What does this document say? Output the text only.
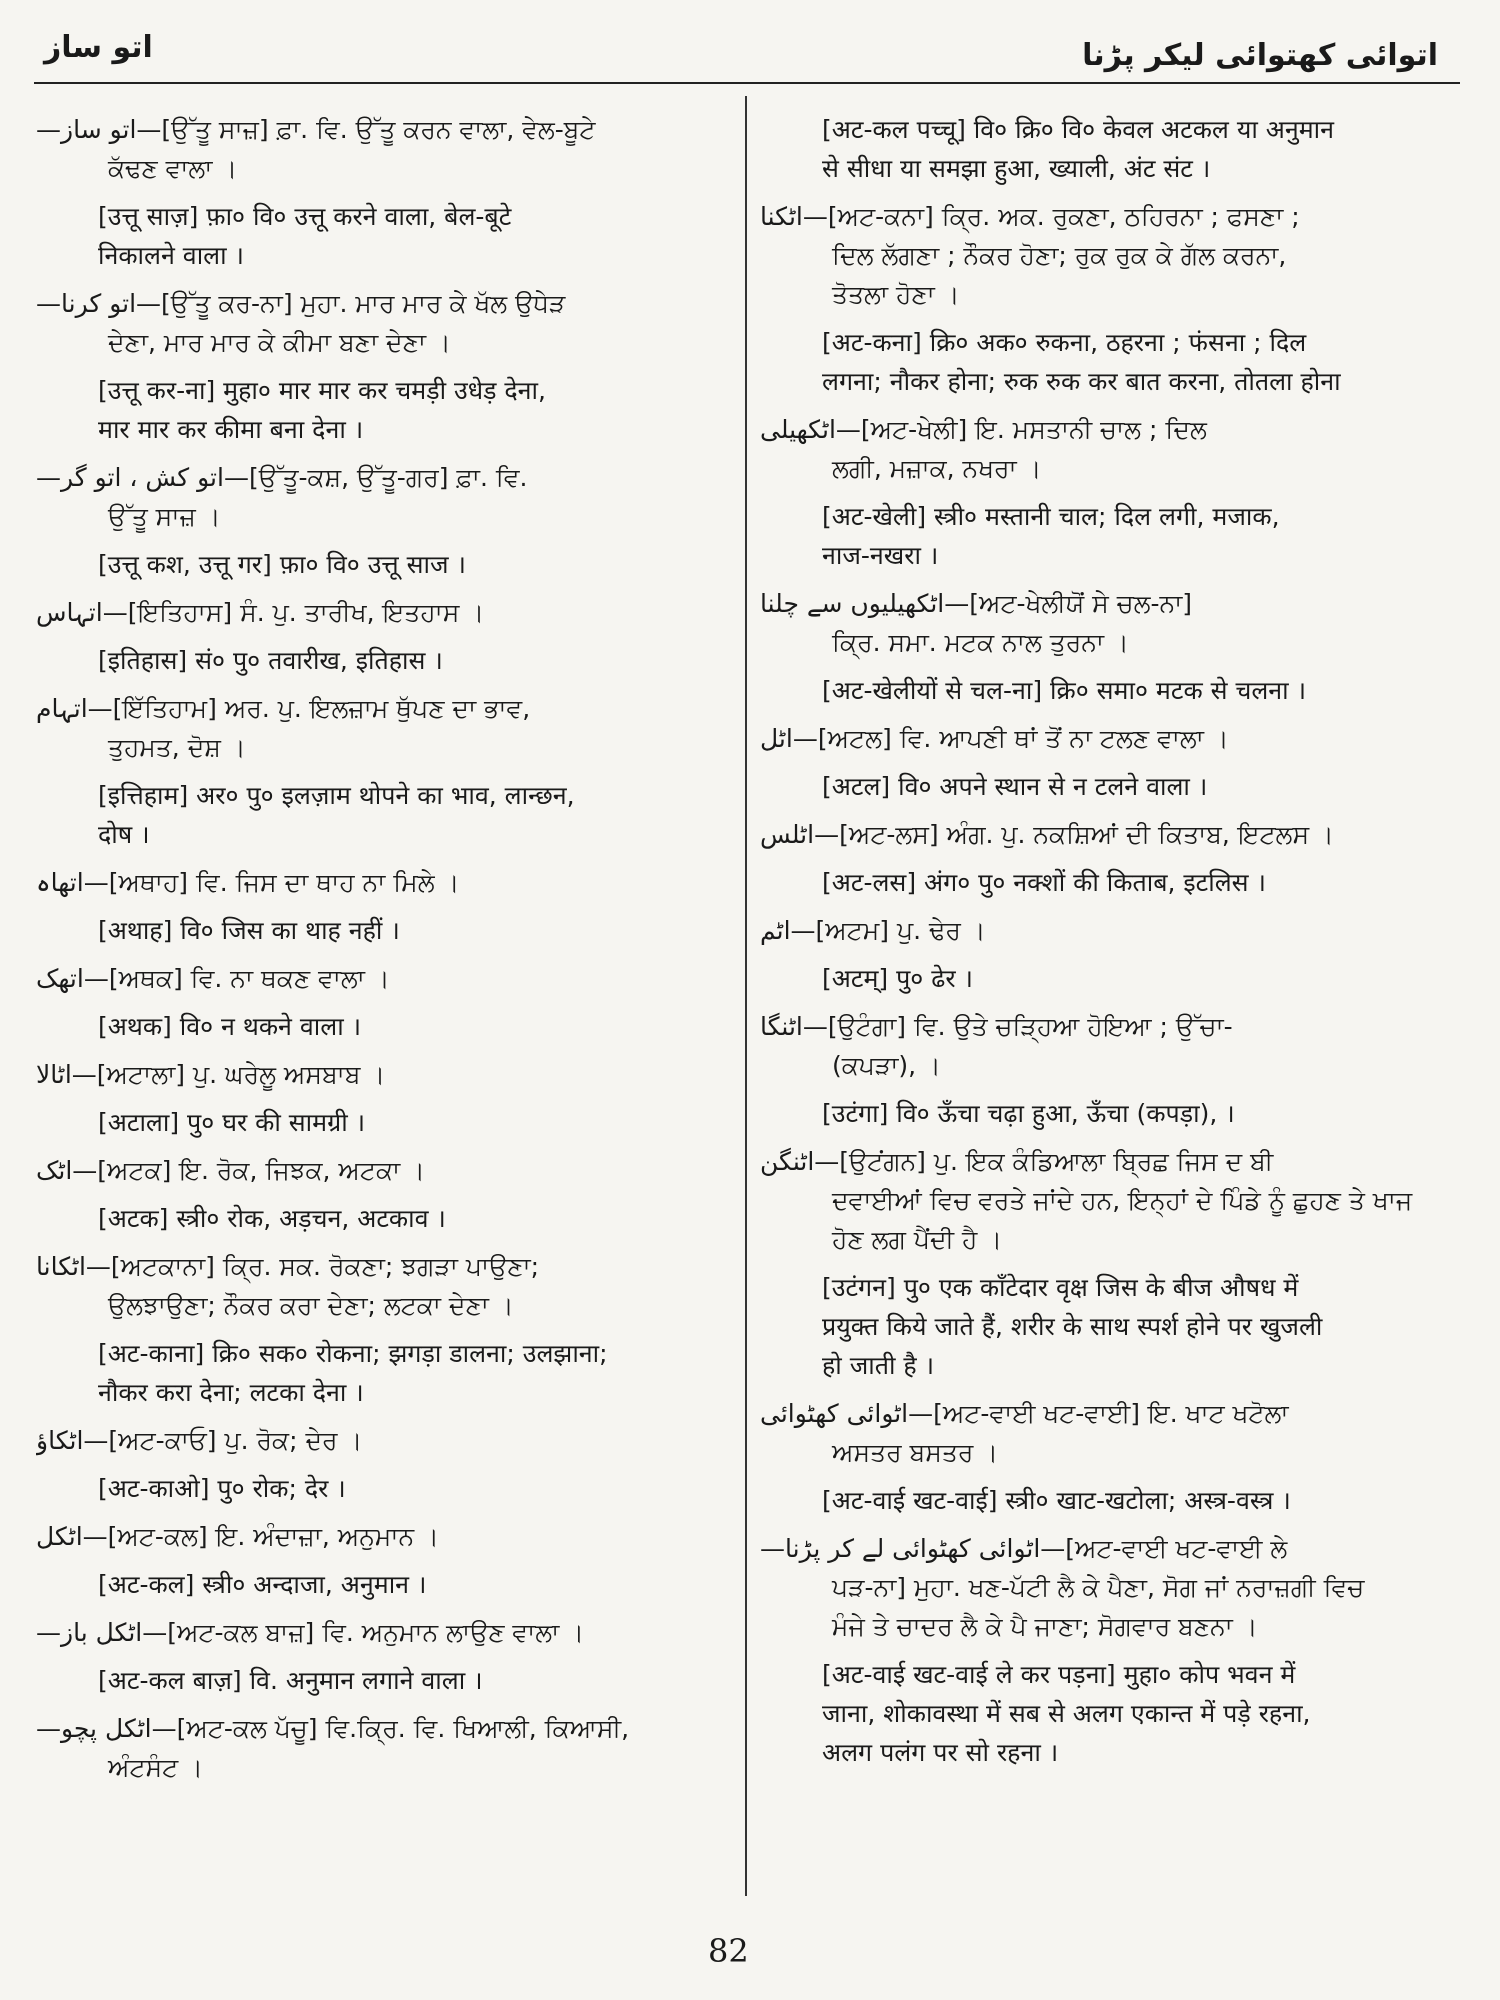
اتو ساز	اتوائی کھتوائی لیکر پڑنا
—اتو ساز—[ਉੱਤੂ ਸਾਜ਼] ਫ਼ਾ. ਵਿ. ਉੱਤੂ ਕਰਨ ਵਾਲਾ, ਵੇਲ-ਬੂਟੇ
ਕੱਢਣ ਵਾਲਾ ।
[उत्तू साज़] फ़ा० वि० उत्तू करने वाला, बेल-बूटे
निकालने वाला ।
—اتو کرنا—[ਉੱਤੂ ਕਰ-ਨਾ] ਮੁਹਾ. ਮਾਰ ਮਾਰ ਕੇ ਖੱਲ ਉਧੇੜ
ਦੇਣਾ, ਮਾਰ ਮਾਰ ਕੇ ਕੀਮਾ ਬਣਾ ਦੇਣਾ ।
[उत्तू कर-ना] मुहा० मार मार कर चमड़ी उधेड़ देना,
मार मार कर कीमा बना देना ।
—اتو کش ، اتو گر—[ਉੱਤੂ-ਕਸ਼, ਉੱਤੂ-ਗਰ] ਫ਼ਾ. ਵਿ.
ਉੱਤੂ ਸਾਜ਼ ।
[उत्तू कश, उत्तू गर] फ़ा० वि० उत्तू साज ।
اتہاس—[ਇਤਿਹਾਸ] ਸੰ. ਪੁ. ਤਾਰੀਖ, ਇਤਹਾਸ ।
[इतिहास] सं० पु० तवारीख, इतिहास ।
اتہام—[ਇੱਤਿਹਾਮ] ਅਰ. ਪੁ. ਇਲਜ਼ਾਮ ਥੁੱਪਣ ਦਾ ਭਾਵ,
ਤੁਹਮਤ, ਦੋਸ਼ ।
[इत्तिहाम] अर० पु० इलज़ाम थोपने का भाव, लान्छन,
दोष ।
اتھاہ—[ਅਥਾਹ] ਵਿ. ਜਿਸ ਦਾ ਥਾਹ ਨਾ ਮਿਲੇ ।
[अथाह] वि० जिस का थाह नहीं ।
اتھک—[ਅਥਕ] ਵਿ. ਨਾ ਥਕਣ ਵਾਲਾ ।
[अथक] वि० न थकने वाला ।
اٹالا—[ਅਟਾਲਾ] ਪੁ. ਘਰੇਲੂ ਅਸਬਾਬ ।
[अटाला] पु० घर की सामग्री ।
اٹک—[ਅਟਕ] ਇ. ਰੋਕ, ਜਿਝਕ, ਅਟਕਾ ।
[अटक] स्त्री० रोक, अड़चन, अटकाव ।
اٹکانا—[ਅਟਕਾਨਾ] ਕ੍ਰਿ. ਸਕ. ਰੋਕਣਾ; ਝਗੜਾ ਪਾਉਣਾ;
ਉਲਝਾਉਣਾ; ਨੌਕਰ ਕਰਾ ਦੇਣਾ; ਲਟਕਾ ਦੇਣਾ ।
[अट-काना] क्रि० सक० रोकना; झगड़ा डालना; उलझाना;
नौकर करा देना; लटका देना ।
اٹکاؤ—[ਅਟ-ਕਾਓ] ਪੁ. ਰੋਕ; ਦੇਰ ।
[अट-काओ] पु० रोक; देर ।
اٹکل—[ਅਟ-ਕਲ] ਇ. ਅੰਦਾਜ਼ਾ, ਅਨੁਮਾਨ ।
[अट-कल] स्त्री० अन्दाजा, अनुमान ।
—اٹکل باز—[ਅਟ-ਕਲ ਬਾਜ਼] ਵਿ. ਅਨੁਮਾਨ ਲਾਉਣ ਵਾਲਾ ।
[अट-कल बाज़] वि. अनुमान लगाने वाला ।
—اٹکل پچو—[ਅਟ-ਕਲ ਪੱਚੂ] ਵਿ.ਕ੍ਰਿ. ਵਿ. ਖਿਆਲੀ, ਕਿਆਸੀ,
ਅੰਟਸੰਟ ।
[अट-कल पच्चू] वि० क्रि० वि० केवल अटकल या अनुमान
से सीधा या समझा हुआ, ख्याली, अंट संट ।
اٹکنا—[ਅਟ-ਕਨਾ] ਕ੍ਰਿ. ਅਕ. ਰੁਕਣਾ, ਠਹਿਰਨਾ ; ਫਸਣਾ ;
ਦਿਲ ਲੱਗਣਾ ; ਨੌਕਰ ਹੋਣਾ; ਰੁਕ ਰੁਕ ਕੇ ਗੱਲ ਕਰਨਾ,
ਤੋਤਲਾ ਹੋਣਾ ।
[अट-कना] क्रि० अक० रुकना, ठहरना ; फंसना ; दिल
लगना; नौकर होना; रुक रुक कर बात करना, तोतला होना
اٹکھیلی—[ਅਟ-ਖੇਲੀ] ਇ. ਮਸਤਾਨੀ ਚਾਲ ; ਦਿਲ
ਲਗੀ, ਮਜ਼ਾਕ, ਨਖਰਾ ।
[अट-खेली] स्त्री० मस्तानी चाल; दिल लगी, मजाक,
नाज-नखरा ।
اٹکھیلیوں سے چلنا—[ਅਟ-ਖੇਲੀਯੋਂ ਸੇ ਚਲ-ਨਾ]
ਕ੍ਰਿ. ਸਮਾ. ਮਟਕ ਨਾਲ ਤੁਰਨਾ ।
[अट-खेलीयों से चल-ना] क्रि० समा० मटक से चलना ।
اٹل—[ਅਟਲ] ਵਿ. ਆਪਣੀ ਥਾਂ ਤੋਂ ਨਾ ਟਲਣ ਵਾਲਾ ।
[अटल] वि० अपने स्थान से न टलने वाला ।
اٹلس—[ਅਟ-ਲਸ] ਅੰਗ. ਪੁ. ਨਕਸ਼ਿਆਂ ਦੀ ਕਿਤਾਬ, ਇਟਲਸ ।
[अट-लस] अंग० पु० नक्शों की किताब, इटलिस ।
اٹم—[ਅਟਮ] ਪੁ. ਢੇਰ ।
[अटम्] पु० ढेर ।
اٹنگا—[ਉਟੰਗਾ] ਵਿ. ਉਤੇ ਚੜ੍ਹਿਆ ਹੋਇਆ ; ਉੱਚਾ-
(ਕਪੜਾ), ।
[उटंगा] वि० ऊँचा चढ़ा हुआ, ऊँचा (कपड़ा), ।
اٹنگن—[ਉਟਂਗਨ] ਪੁ. ਇਕ ਕੰਡਿਆਲਾ ਬ੍ਰਿਛ ਜਿਸ ਦ ਬੀ
ਦਵਾਈਆਂ ਵਿਚ ਵਰਤੇ ਜਾਂਦੇ ਹਨ, ਇਨ੍ਹਾਂ ਦੇ ਪਿੰਡੇ ਨੂੰ ਛੁਹਣ ਤੇ ਖਾਜ
ਹੋਣ ਲਗ ਪੈਂਦੀ ਹੈ ।
[उटंगन] पु० एक काँटेदार वृक्ष जिस के बीज औषध में
प्रयुक्त किये जाते हैं, शरीर के साथ स्पर्श होने पर खुजली
हो जाती है ।
اٹوائی کھٹوائی—[ਅਟ-ਵਾਈ ਖਟ-ਵਾਈ] ਇ. ਖਾਟ ਖਟੋਲਾ
ਅਸਤਰ ਬਸਤਰ ।
[अट-वाई खट-वाई] स्त्री० खाट-खटोला; अस्त्र-वस्त्र ।
—اٹوائی کھٹوائی لے کر پڑنا—[ਅਟ-ਵਾਈ ਖਟ-ਵਾਈ ਲੇ
ਪੜ-ਨਾ] ਮੁਹਾ. ਖਣ-ਪੱਟੀ ਲੈ ਕੇ ਪੈਣਾ, ਸੋਗ ਜਾਂ ਨਰਾਜ਼ਗੀ ਵਿਚ
ਮੰਜੇ ਤੇ ਚਾਦਰ ਲੈ ਕੇ ਪੈ ਜਾਣਾ; ਸੋਗਵਾਰ ਬਣਨਾ ।
[अट-वाई खट-वाई ले कर पड़ना] मुहा० कोप भवन में
जाना, शोकावस्था में सब से अलग एकान्त में पड़े रहना,
अलग पलंग पर सो रहना ।
82
